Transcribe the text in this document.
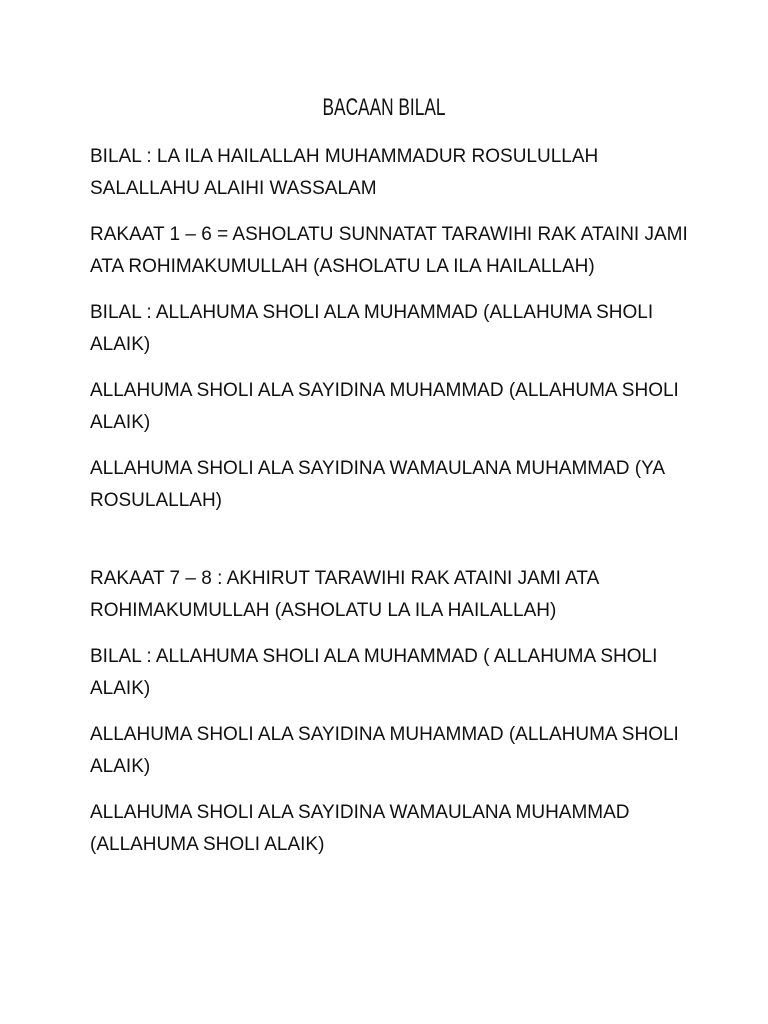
BACAAN BILAL

BILAL : LA ILA HAILALLAH MUHAMMADUR ROSULULLAH SALALLAHU ALAIHI WASSALAM

RAKAAT 1 – 6 = ASHOLATU SUNNATAT TARAWIHI RAK ATAINI JAMI ATA ROHIMAKUMULLAH (ASHOLATU LA ILA HAILALLAH)

BILAL : ALLAHUMA SHOLI ALA MUHAMMAD (ALLAHUMA SHOLI ALAIK)

ALLAHUMA SHOLI ALA SAYIDINA MUHAMMAD (ALLAHUMA SHOLI ALAIK)

ALLAHUMA SHOLI ALA SAYIDINA WAMAULANA MUHAMMAD (YA ROSULALLAH)

RAKAAT 7 – 8 : AKHIRUT TARAWIHI RAK ATAINI JAMI ATA ROHIMAKUMULLAH (ASHOLATU LA ILA HAILALLAH)

BILAL : ALLAHUMA SHOLI ALA MUHAMMAD ( ALLAHUMA SHOLI ALAIK)

ALLAHUMA SHOLI ALA SAYIDINA MUHAMMAD (ALLAHUMA SHOLI ALAIK)

ALLAHUMA SHOLI ALA SAYIDINA WAMAULANA MUHAMMAD (ALLAHUMA SHOLI ALAIK)
